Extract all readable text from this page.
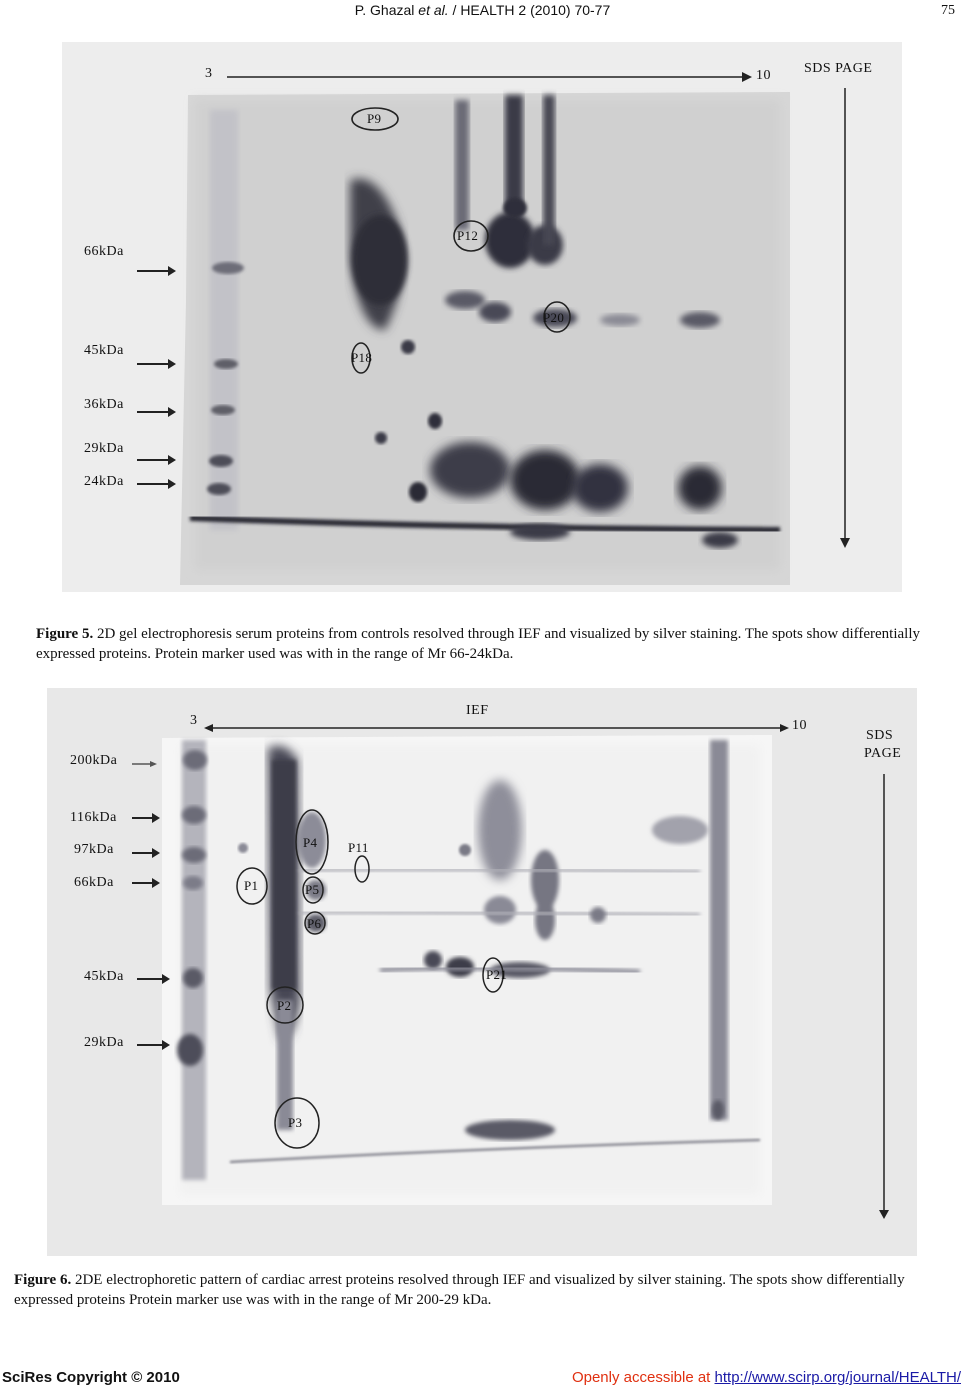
P. Ghazal et al. / HEALTH 2 (2010) 70-77	75
3	10 SDS PAGE
66kDa
45kDa
36kDa
29kDa
24kDa
P9
P12
P20
P18
Figure 5. 2D gel electrophoresis serum proteins from controls resolved through IEF and visualized by silver staining. The spots show differentially expressed proteins. Protein marker used was with in the range of Mr 66-24kDa.
IEF
3	10
SDS
PAGE
200kDa
116kDa
97kDa
66kDa
45kDa
29kDa
P4 P11
P1	P5
P6
P21
P2
P3
Figure 6. 2DE electrophoretic pattern of cardiac arrest proteins resolved through IEF and visualized by silver staining. The spots show differentially expressed proteins Protein marker use was with in the range of Mr 200-29 kDa.
SciRes Copyright © 2010	Openly accessible at http://www.scirp.org/journal/HEALTH/
